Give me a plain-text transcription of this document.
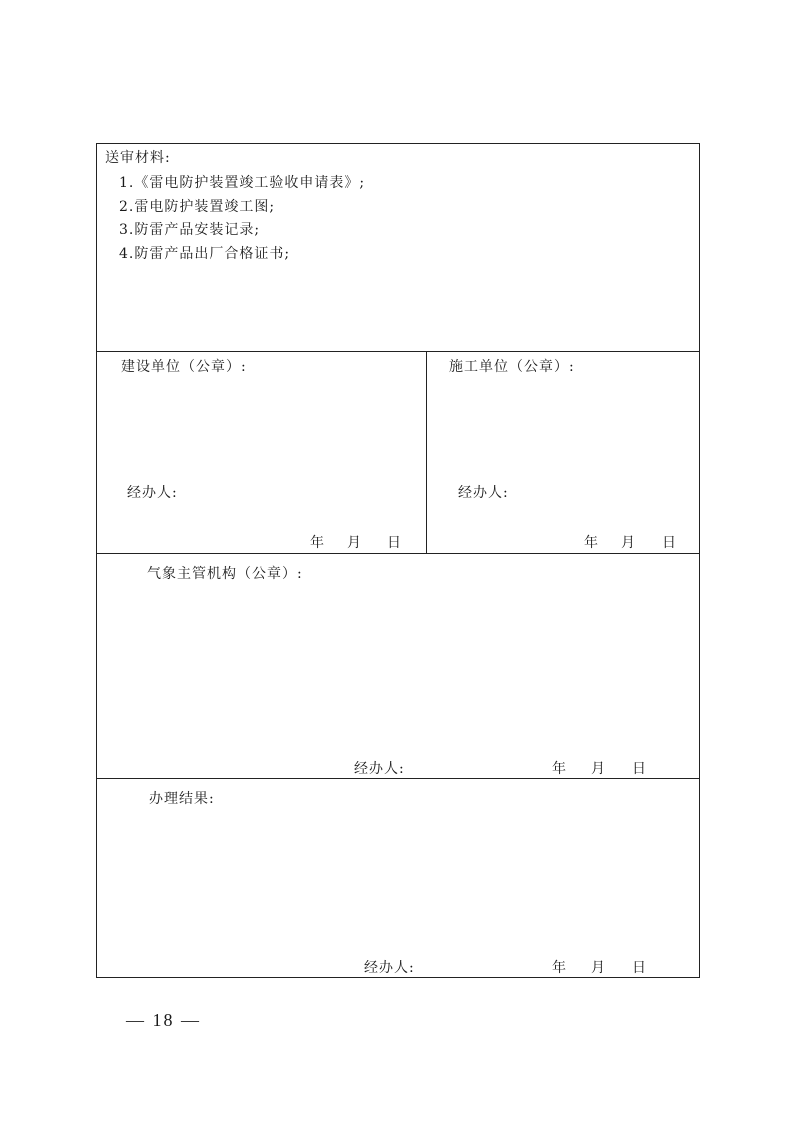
送审材料:
1.《雷电防护装置竣工验收申请表》;
2.雷电防护装置竣工图;
3.防雷产品安装记录;
4.防雷产品出厂合格证书;
建设单位（公章）:
经办人:
年 月 日
施工单位（公章）:
经办人:
年 月 日
气象主管机构（公章）:
经办人:	年 月 日
办理结果:
经办人:	年 月 日
— 18 —
